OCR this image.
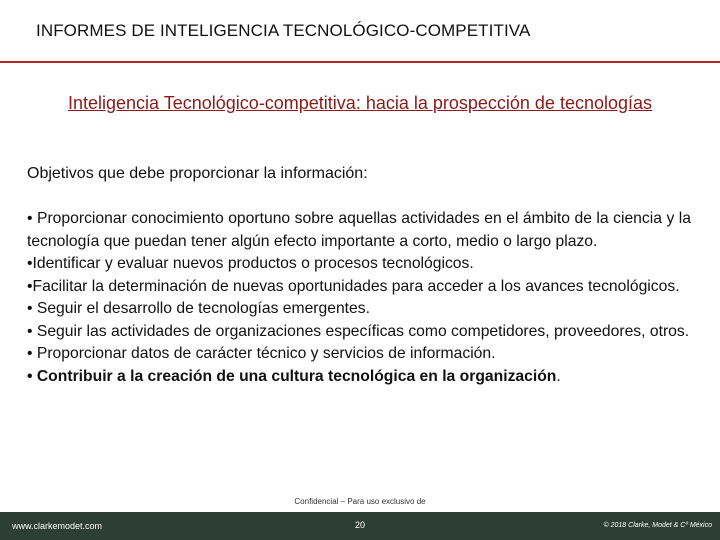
INFORMES DE INTELIGENCIA TECNOLÓGICO-COMPETITIVA
Inteligencia Tecnológico-competitiva: hacia la prospección de tecnologías
Objetivos que debe proporcionar la información:
• Proporcionar conocimiento oportuno sobre aquellas actividades en el ámbito de la ciencia y la tecnología que puedan tener algún efecto importante a corto, medio o largo plazo.
•Identificar y evaluar nuevos productos o procesos tecnológicos.
•Facilitar la determinación de nuevas oportunidades para acceder a los avances tecnológicos.
• Seguir el desarrollo de tecnologías emergentes.
• Seguir las actividades de organizaciones específicas como competidores, proveedores, otros.
• Proporcionar datos de carácter técnico y servicios de información.
• Contribuir a la creación de una cultura tecnológica en la organización.
Confidencial – Para uso exclusivo de
www.clarkemodet.com	20	© 2018 Clarke, Modet & Cº México
